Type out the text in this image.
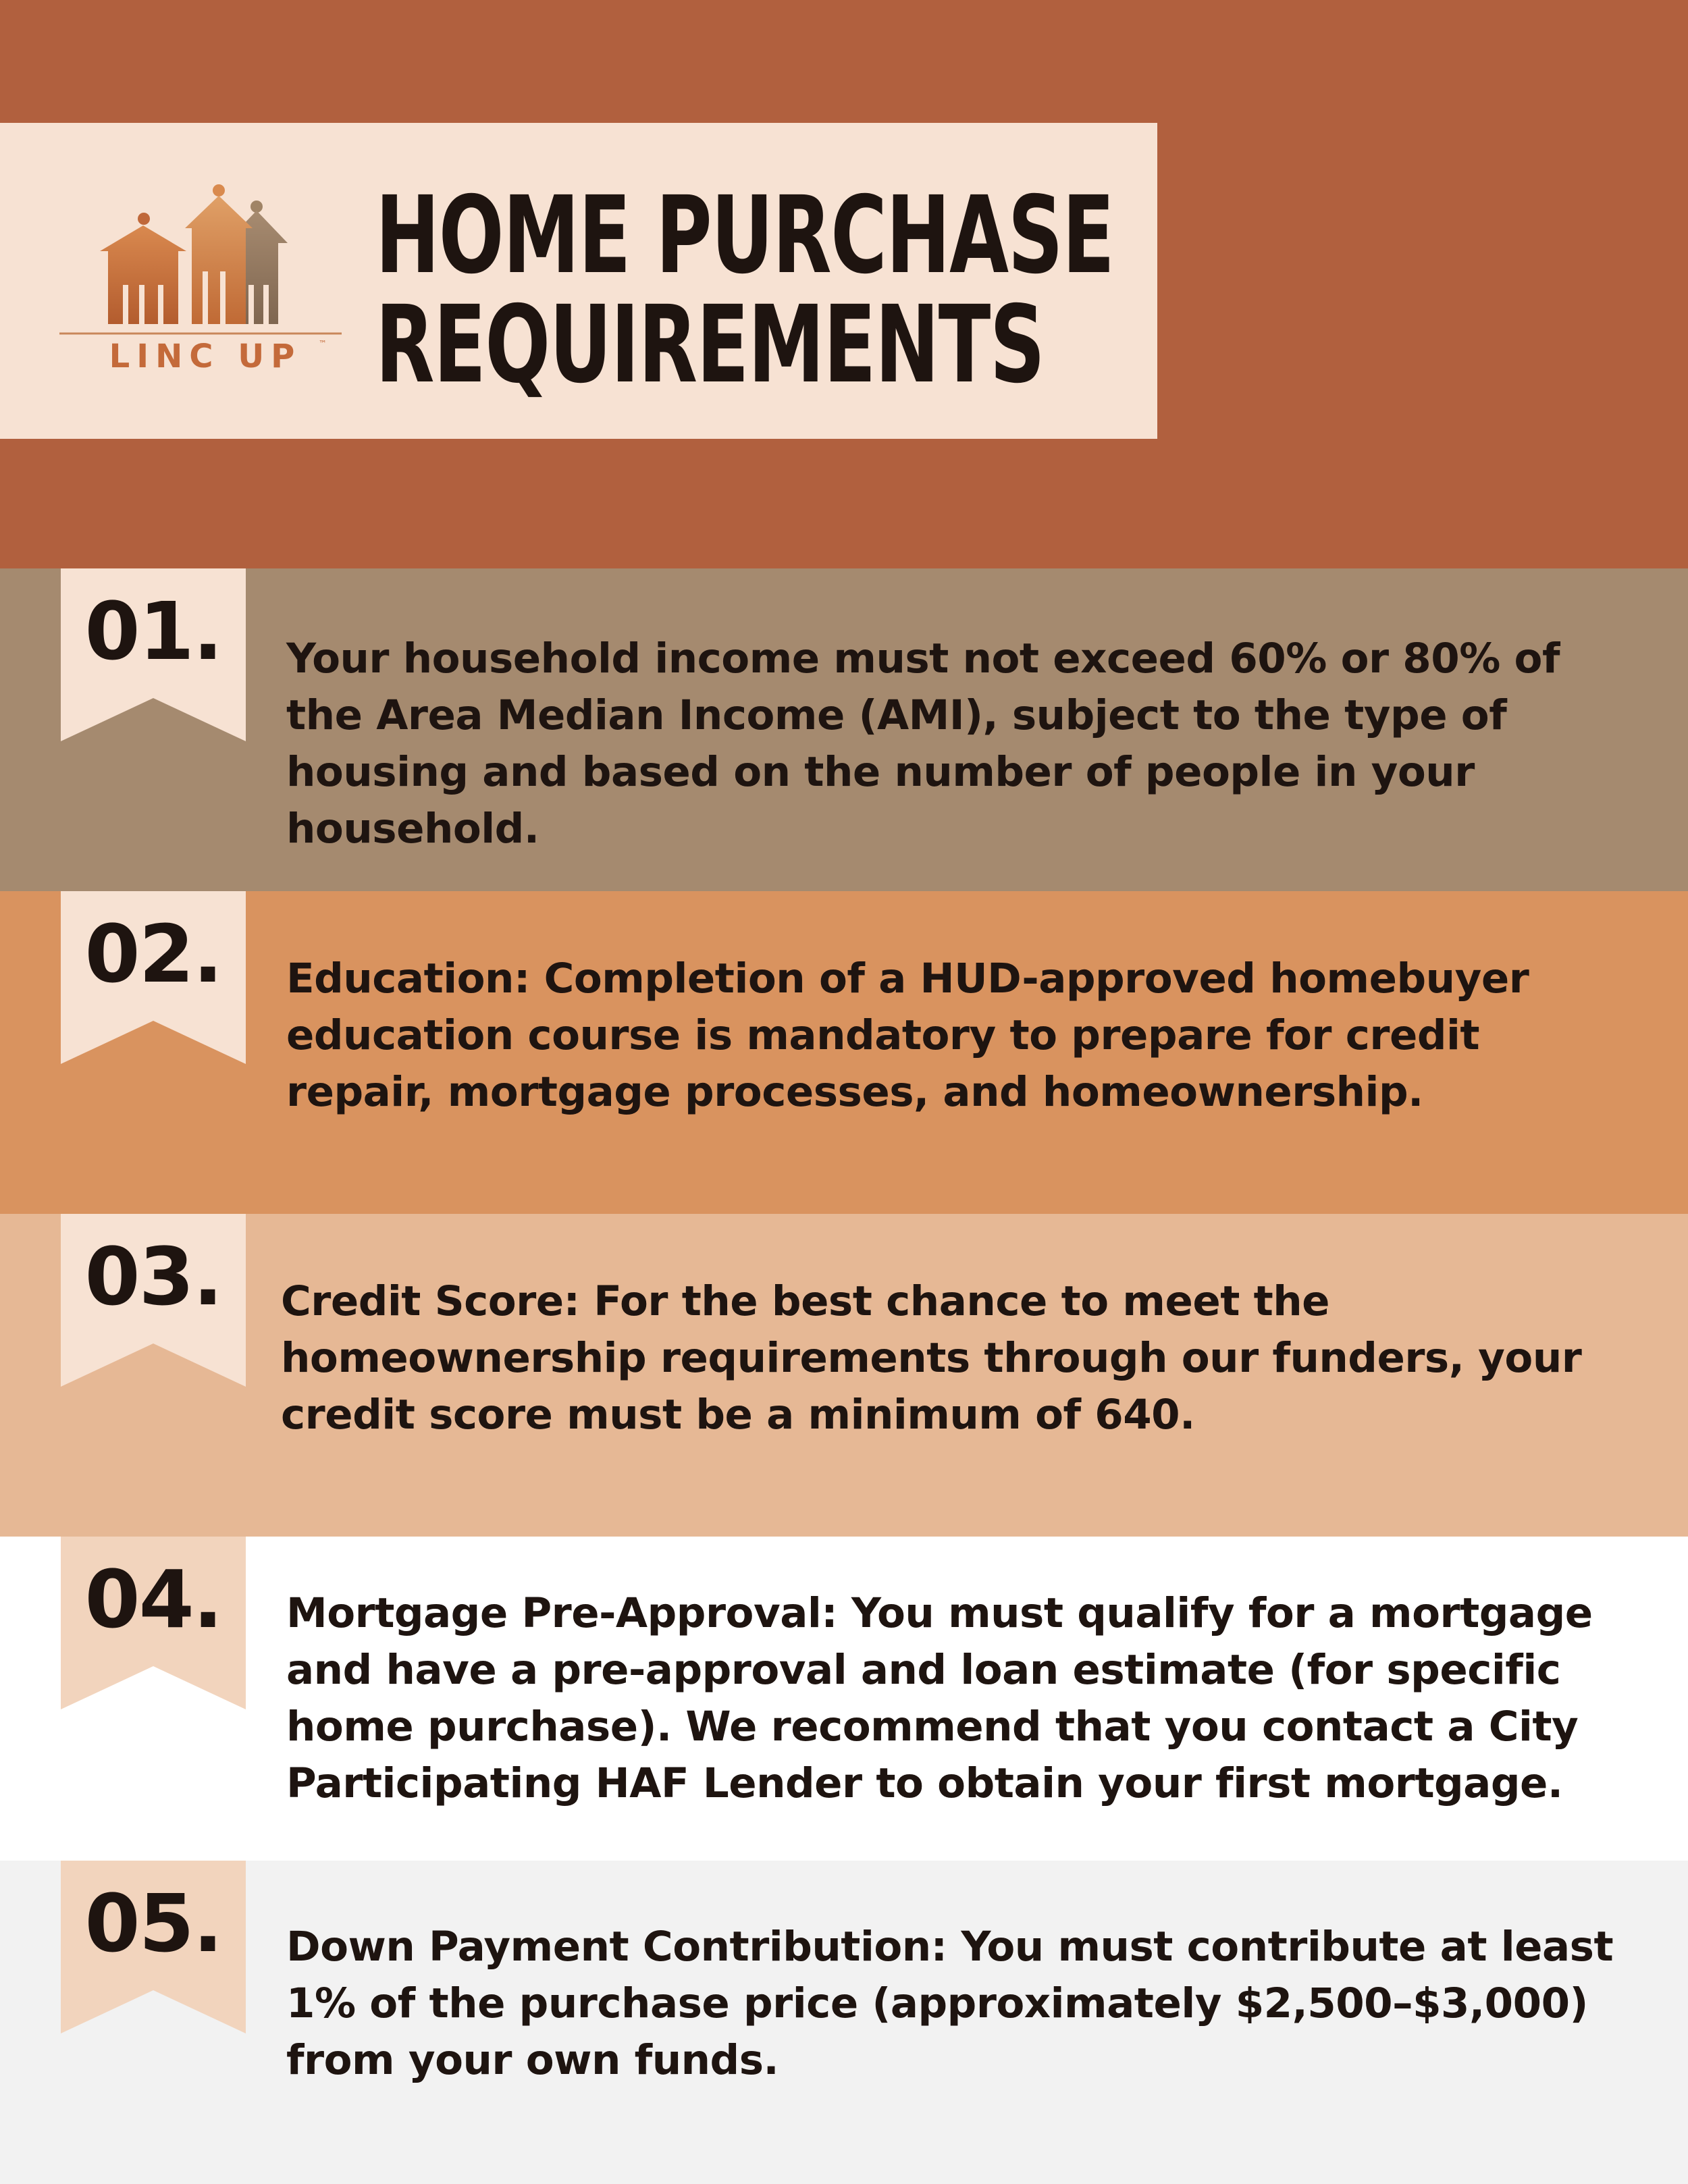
LINC UP	™
HOME PURCHASE
REQUIREMENTS
01.	Your household income must not exceed 60% or 80% of the Area Median Income (AMI), subject to the type of housing and based on the number of people in your household.

02.	Education: Completion of a HUD-approved homebuyer education course is mandatory to prepare for credit repair, mortgage processes, and homeownership.

03.	Credit Score: For the best chance to meet the homeownership requirements through our funders, your credit score must be a minimum of 640.

04.	Mortgage Pre-Approval: You must qualify for a mortgage and have a pre-approval and loan estimate (for specific home purchase). We recommend that you contact a City Participating HAF Lender to obtain your first mortgage.

05.	Down Payment Contribution: You must contribute at least 1% of the purchase price (approximately $2,500–$3,000) from your own funds.
